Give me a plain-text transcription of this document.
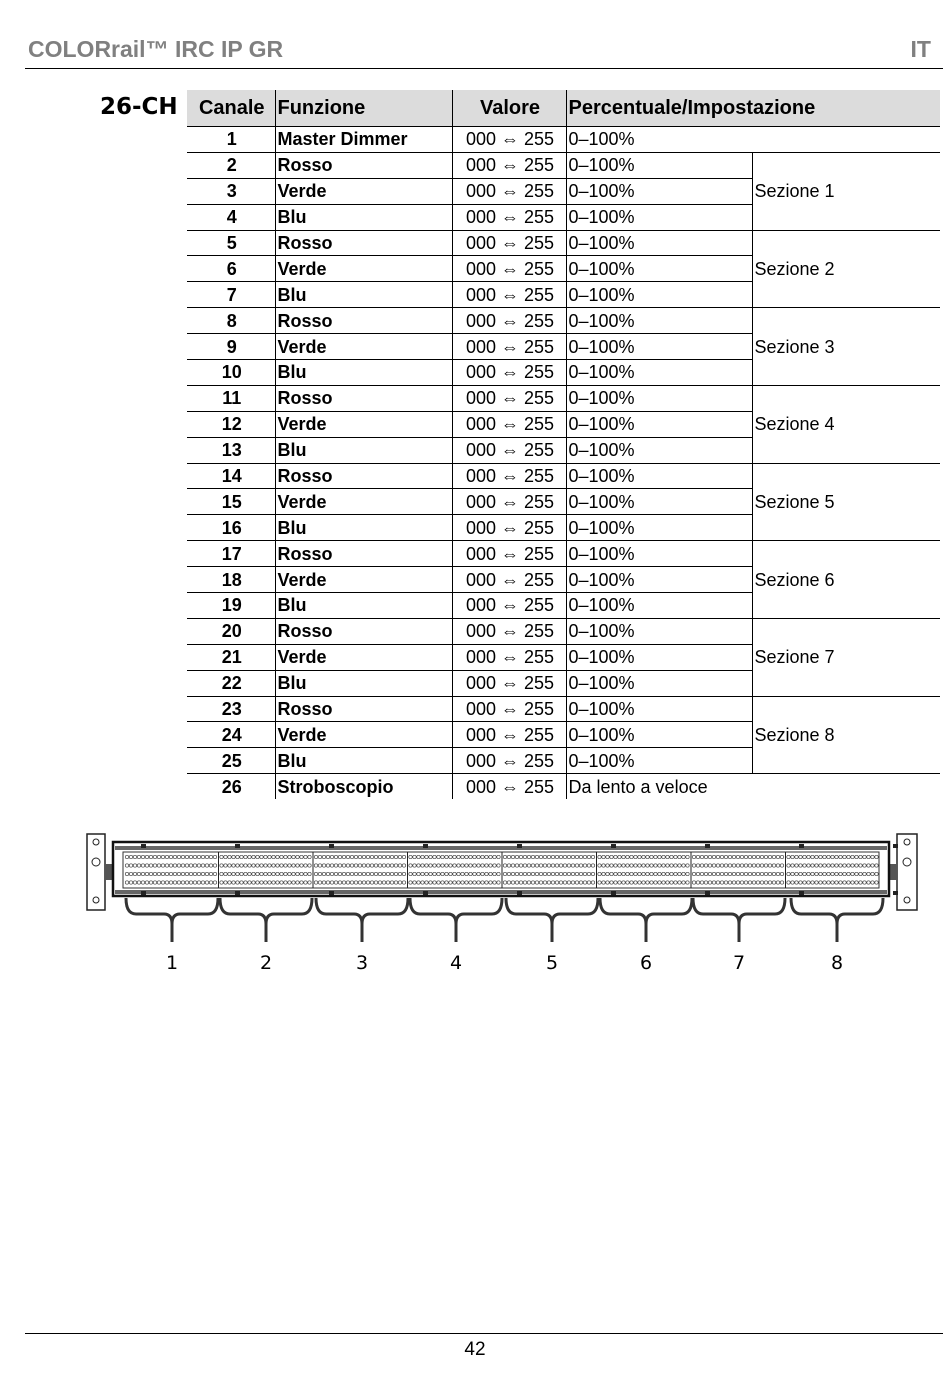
COLORrail™ IRC IP GR	IT
26-CH Canale	Funzione	Valore	Percentuale/Impostazione	
1	Master Dimmer	000 ⇔ 255	0–100%	
2	Rosso	000 ⇔ 255	0–100%	Sezione 1
3	Verde	000 ⇔ 255	0–100%	
4	Blu	000 ⇔ 255	0–100%	
5	Rosso	000 ⇔ 255	0–100%	Sezione 2
6	Verde	000 ⇔ 255	0–100%	
7	Blu	000 ⇔ 255	0–100%	
8	Rosso	000 ⇔ 255	0–100%	Sezione 3
9	Verde	000 ⇔ 255	0–100%	
10	Blu	000 ⇔ 255	0–100%	
11	Rosso	000 ⇔ 255	0–100%	Sezione 4
12	Verde	000 ⇔ 255	0–100%	
13	Blu	000 ⇔ 255	0–100%	
14	Rosso	000 ⇔ 255	0–100%	Sezione 5
15	Verde	000 ⇔ 255	0–100%	
16	Blu	000 ⇔ 255	0–100%	
17	Rosso	000 ⇔ 255	0–100%	Sezione 6
18	Verde	000 ⇔ 255	0–100%	
19	Blu	000 ⇔ 255	0–100%	
20	Rosso	000 ⇔ 255	0–100%	Sezione 7
21	Verde	000 ⇔ 255	0–100%	
22	Blu	000 ⇔ 255	0–100%	
23	Rosso	000 ⇔ 255	0–100%	Sezione 8
24	Verde	000 ⇔ 255	0–100%	
25	Blu	000 ⇔ 255	0–100%	
26	Stroboscopio	000 ⇔ 255	Da lento a veloce	
1	2	3	4	5	6	7	8
42
